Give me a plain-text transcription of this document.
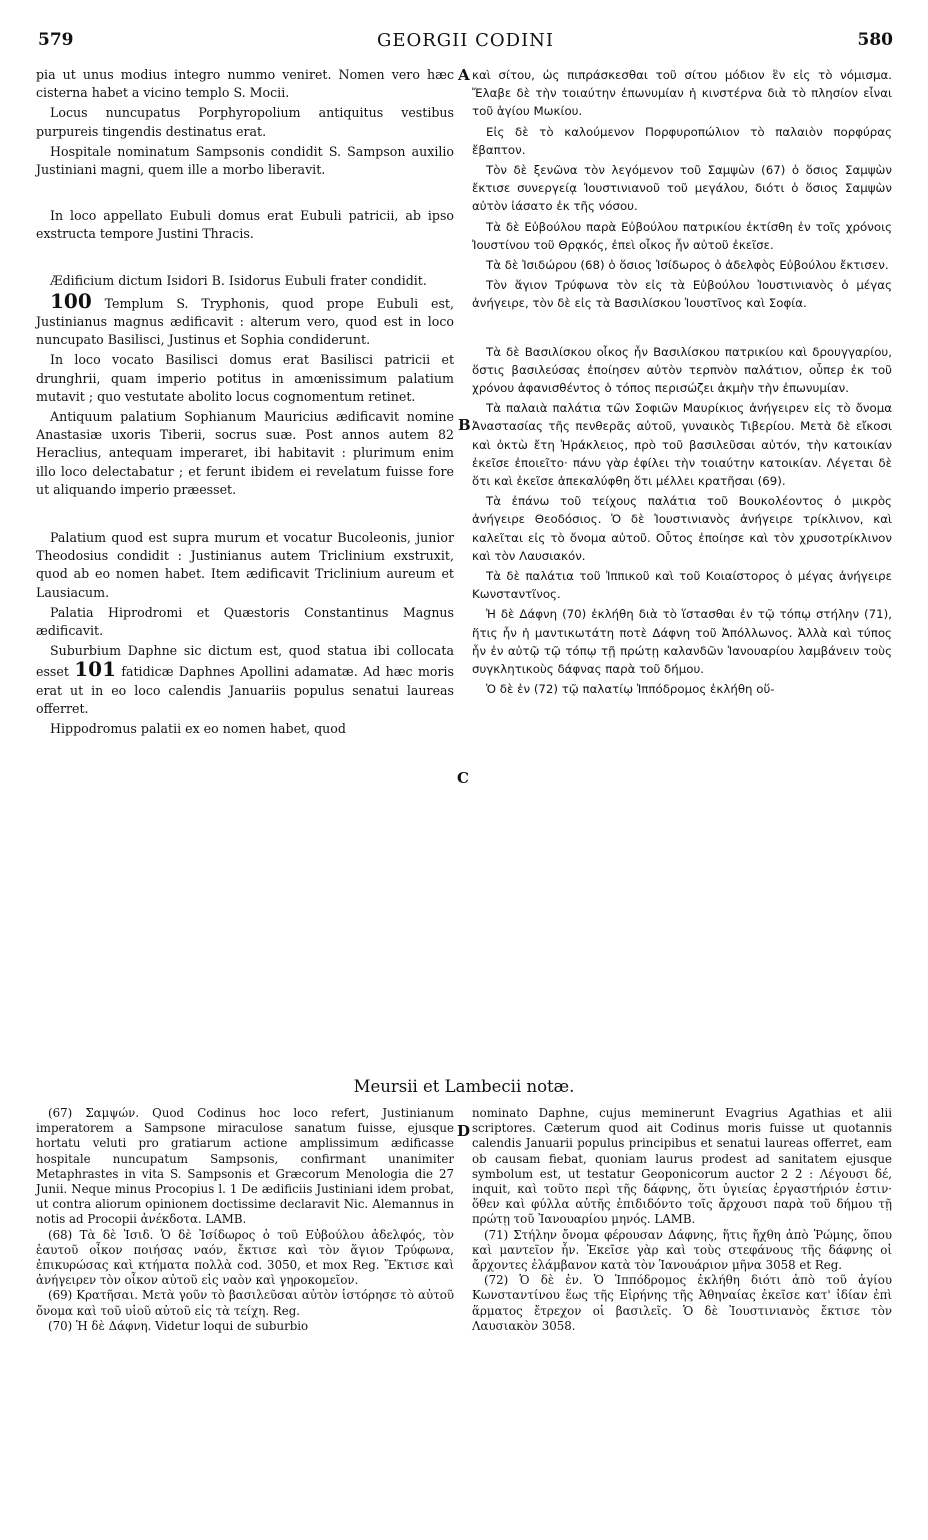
579	GEORGII CODINI	580
A
B
C
D

pia ut unus modius integro nummo veniret. Nomen vero hæc cisterna habet a vicino templo S. Mocii.

Locus nuncupatus Porphyropolium antiquitus vestibus purpureis tingendis destinatus erat.

Hospitale nominatum Sampsonis condidit S. Sampson auxilio Justiniani magni, quem ille a morbo liberavit.

In loco appellato Eubuli domus erat Eubuli patricii, ab ipso exstructa tempore Justini Thracis.

Ædificium dictum Isidori B. Isidorus Eubuli frater condidit.

100 Templum S. Tryphonis, quod prope Eubuli est, Justinianus magnus ædificavit : alterum vero, quod est in loco nuncupato Basilisci, Justinus et Sophia condiderunt.

In loco vocato Basilisci domus erat Basilisci patricii et drunghrii, quam imperio potitus in amœnissimum palatium mutavit ; quo vestutate abolito locus cognomentum retinet.

Antiquum palatium Sophianum Mauricius ædificavit nomine Anastasiæ uxoris Tiberii, socrus suæ. Post annos autem 82 Heraclius, antequam imperaret, ibi habitavit : plurimum enim illo loco delectabatur ; et ferunt ibidem ei revelatum fuisse fore ut aliquando imperio præesset.

Palatium quod est supra murum et vocatur Bucoleonis, junior Theodosius condidit : Justinianus autem Triclinium exstruxit, quod ab eo nomen habet. Item ædificavit Triclinium aureum et Lausiacum.

Palatia Hiprodromi et Quæstoris Constantinus Magnus ædificavit.

Suburbium Daphne sic dictum est, quod statua ibi collocata esset 101 fatidicæ Daphnes Apollini adamatæ. Ad hæc moris erat ut in eo loco calendis Januariis populus senatui laureas offerret.

Hippodromus palatii ex eo nomen habet, quod

καὶ σίτου, ὡς πιπράσκεσθαι τοῦ σίτου μόδιον ἓν εἰς τὸ νόμισμα. Ἔλαβε δὲ τὴν τοιαύτην ἐπωνυμίαν ἡ κινστέρνα διὰ τὸ πλησίον εἶναι τοῦ ἁγίου Μωκίου.

Εἰς δὲ τὸ καλούμενον Πορφυροπώλιον τὸ παλαιὸν πορφύρας ἔβαπτον.

Τὸν δὲ ξενῶνα τὸν λεγόμενον τοῦ Σαμψὼν (67) ὁ ὅσιος Σαμψὼν ἔκτισε συνεργείᾳ Ἰουστινιανοῦ τοῦ μεγάλου, διότι ὁ ὅσιος Σαμψὼν αὐτὸν ἰάσατο ἐκ τῆς νόσου.

Τὰ δὲ Εὐβούλου παρὰ Εὐβούλου πατρικίου ἐκτίσθη ἐν τοῖς χρόνοις Ἰουστίνου τοῦ Θρᾳκός, ἐπεὶ οἶκος ἦν αὐτοῦ ἐκεῖσε.

Τὰ δὲ Ἰσιδώρου (68) ὁ ὅσιος Ἰσίδωρος ὁ ἀδελφὸς Εὐβούλου ἔκτισεν.

Τὸν ἅγιον Τρύφωνα τὸν εἰς τὰ Εὐβούλου Ἰουστινιανὸς ὁ μέγας ἀνήγειρε, τὸν δὲ εἰς τὰ Βασιλίσκου Ἰουστῖνος καὶ Σοφία.

Τὰ δὲ Βασιλίσκου οἶκος ἦν Βασιλίσκου πατρικίου καὶ δρουγγαρίου, ὅστις βασιλεύσας ἐποίησεν αὐτὸν τερπνὸν παλάτιον, οὗπερ ἐκ τοῦ χρόνου ἀφανισθέντος ὁ τόπος περισώζει ἀκμὴν τὴν ἐπωνυμίαν.

Τὰ παλαιὰ παλάτια τῶν Σοφιῶν Μαυρίκιος ἀνήγειρεν εἰς τὸ ὄνομα Ἀναστασίας τῆς πενθερᾶς αὐτοῦ, γυναικὸς Τιβερίου. Μετὰ δὲ εἴκοσι καὶ ὀκτὼ ἔτη Ἡράκλειος, πρὸ τοῦ βασιλεῦσαι αὐτόν, τὴν κατοικίαν ἐκεῖσε ἐποιεῖτο· πάνυ γὰρ ἐφίλει τὴν τοιαύτην κατοικίαν. Λέγεται δὲ ὅτι καὶ ἐκεῖσε ἀπεκαλύφθη ὅτι μέλλει κρατῆσαι (69).

Τὰ ἐπάνω τοῦ τείχους παλάτια τοῦ Βουκολέοντος ὁ μικρὸς ἀνήγειρε Θεοδόσιος. Ὁ δὲ Ἰουστινιανὸς ἀνήγειρε τρίκλινον, καὶ καλεῖται εἰς τὸ ὄνομα αὐτοῦ. Οὗτος ἐποίησε καὶ τὸν χρυσοτρίκλινον καὶ τὸν Λαυσιακόν.

Τὰ δὲ παλάτια τοῦ Ἱππικοῦ καὶ τοῦ Κοιαίστορος ὁ μέγας ἀνήγειρε Κωνσταντῖνος.

Ἡ δὲ Δάφνη (70) ἐκλήθη διὰ τὸ ἵστασθαι ἐν τῷ τόπῳ στήλην (71), ἥτις ἦν ἡ μαντικωτάτη ποτὲ Δάφνη τοῦ Ἀπόλλωνος. Ἀλλὰ καὶ τύπος ἦν ἐν αὐτῷ τῷ τόπῳ τῇ πρώτῃ καλανδῶν Ἰανουαρίου λαμβάνειν τοὺς συγκλητικοὺς δάφνας παρὰ τοῦ δήμου.

Ὁ δὲ ἐν (72) τῷ παλατίῳ Ἱππόδρομος ἐκλήθη οὕ-

Meursii et Lambecii notæ.

(67) Σαμψών. Quod Codinus hoc loco refert, Justinianum imperatorem a Sampsone miraculose sanatum fuisse, ejusque hortatu veluti pro gratiarum actione amplissimum ædificasse hospitale nuncupatum Sampsonis, confirmant unanimiter Metaphrastes in vita S. Sampsonis et Græcorum Menologia die 27 Junii. Neque minus Procopius l. 1 De ædificiis Justiniani idem probat, ut contra aliorum opinionem doctissime declaravit Nic. Alemannus in notis ad Procopii ἀνέκδοτα. LAMB.

(68) Τὰ δὲ Ἰσιδ. Ὁ δὲ Ἰσίδωρος ὁ τοῦ Εὐβούλου ἀδελφός, τὸν ἑαυτοῦ οἶκον ποιήσας ναόν, ἔκτισε καὶ τὸν ἅγιον Τρύφωνα, ἐπικυρώσας καὶ κτήματα πολλὰ cod. 3050, et mox Reg. Ἔκτισε καὶ ἀνήγειρεν τὸν οἶκον αὐτοῦ εἰς ναὸν καὶ γηροκομεῖον.

(69) Κρατῆσαι. Μετὰ γοῦν τὸ βασιλεῦσαι αὐτὸν ἱστόρησε τὸ αὐτοῦ ὄνομα καὶ τοῦ υἱοῦ αὐτοῦ εἰς τὰ τείχη. Reg.

(70) Ἡ δὲ Δάφνη. Videtur loqui de suburbio

nominato Daphne, cujus meminerunt Evagrius Agathias et alii scriptores. Cæterum quod ait Codinus moris fuisse ut quotannis calendis Januarii populus principibus et senatui laureas offerret, eam ob causam fiebat, quoniam laurus prodest ad sanitatem ejusque symbolum est, ut testatur Geoponicorum auctor 2 2 : Λέγουσι δέ, inquit, καὶ τοῦτο περὶ τῆς δάφνης, ὅτι ὑγιείας ἐργαστήριόν ἐστιν· ὅθεν καὶ φύλλα αὐτῆς ἐπιδιδόντο τοῖς ἄρχουσι παρὰ τοῦ δήμου τῇ πρώτῃ τοῦ Ἰανουαρίου μηνός. LAMB.

(71) Στήλην ὄνομα φέρουσαν Δάφνης, ἥτις ἤχθη ἀπὸ Ῥώμης, ὅπου καὶ μαντεῖον ἦν. Ἐκεῖσε γὰρ καὶ τοὺς στεφάνους τῆς δάφνης οἱ ἄρχοντες ἐλάμβανον κατὰ τὸν Ἰανουάριον μῆνα 3058 et Reg.

(72) Ὁ δὲ ἐν. Ὁ Ἱππόδρομος ἐκλήθη διότι ἀπὸ τοῦ ἁγίου Κωνσταντίνου ἕως τῆς Εἰρήνης τῆς Ἀθηναίας ἐκεῖσε κατ' ἰδίαν ἐπὶ ἅρματος ἔτρεχον οἱ βασιλεῖς. Ὁ δὲ Ἰουστινιανὸς ἔκτισε τὸν Λαυσιακὸν 3058.
